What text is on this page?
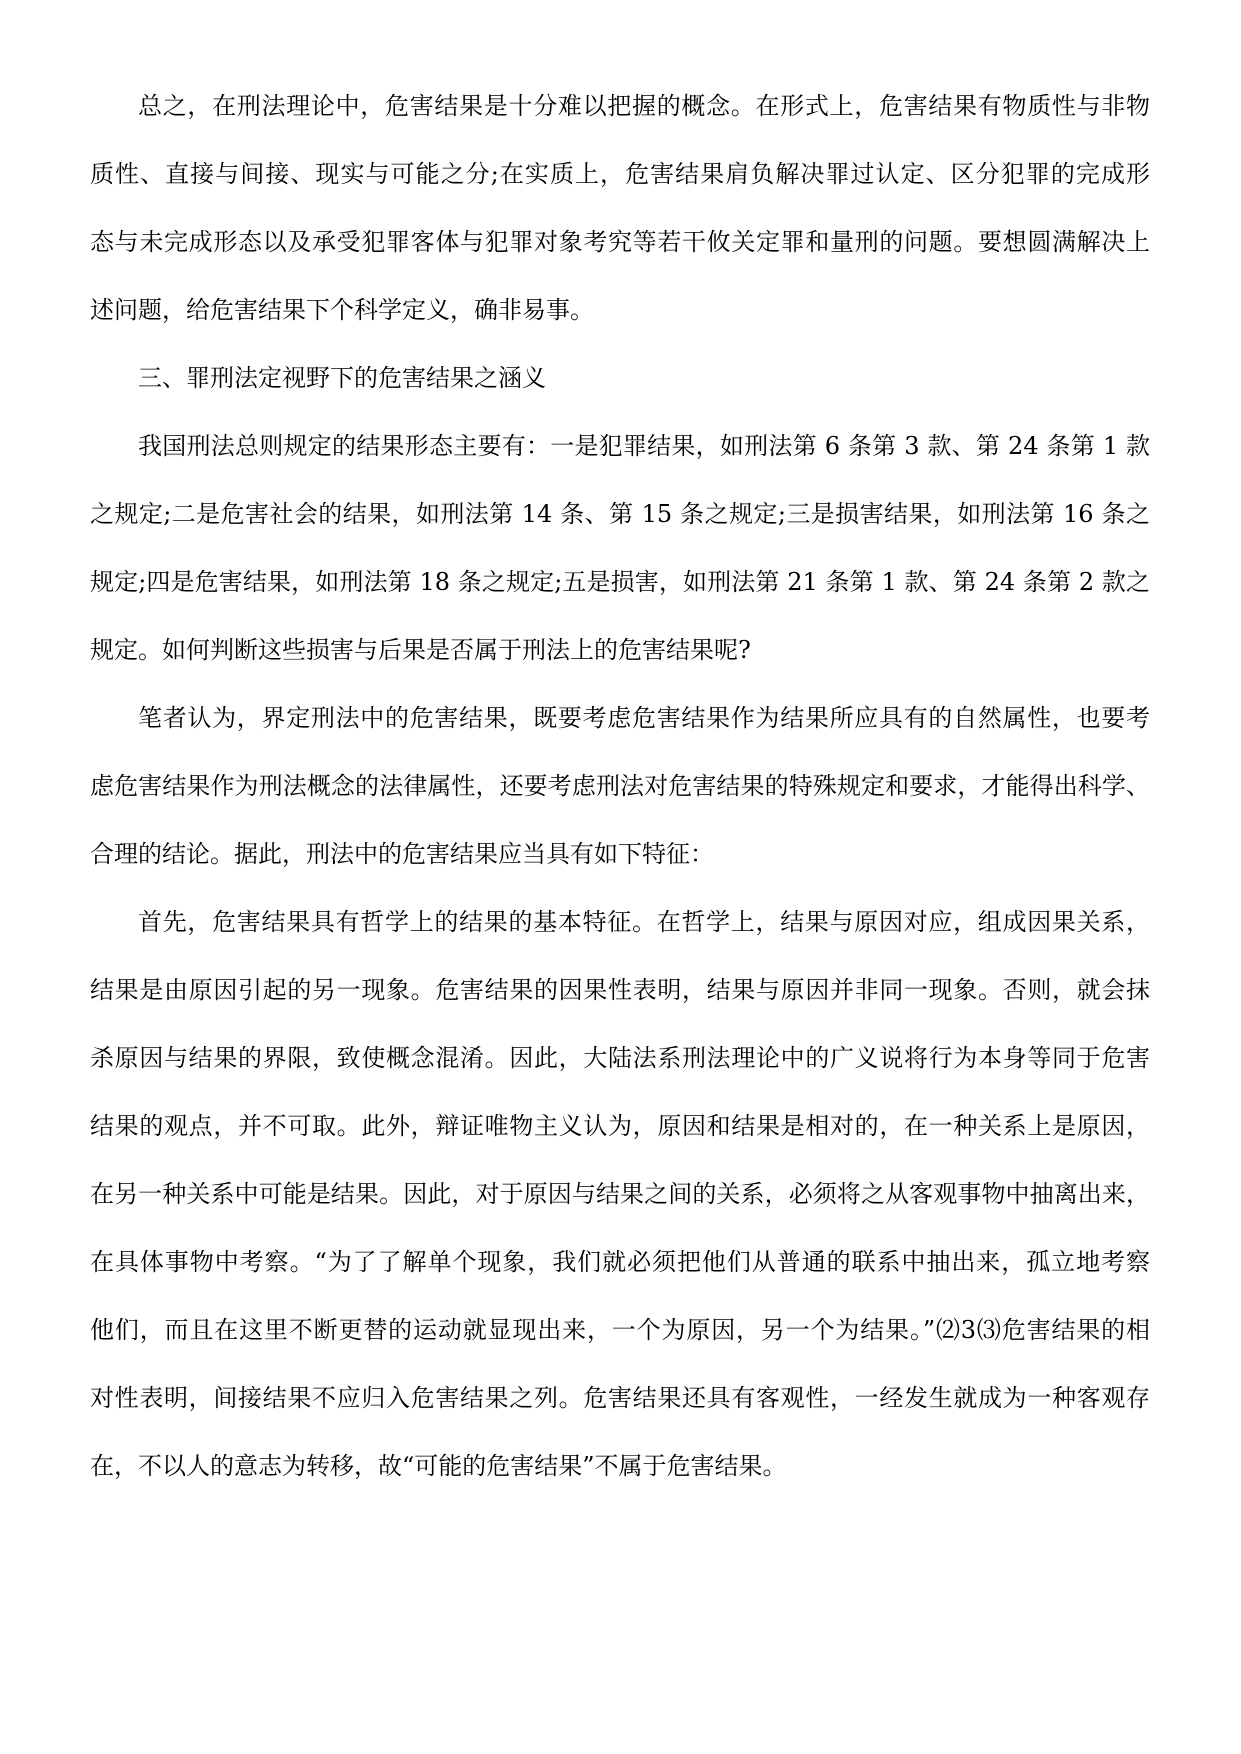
总之，在刑法理论中，危害结果是十分难以把握的概念。在形式上，危害结果有物质性与非物
质性、直接与间接、现实与可能之分;在实质上，危害结果肩负解决罪过认定、区分犯罪的完成形
态与未完成形态以及承受犯罪客体与犯罪对象考究等若干攸关定罪和量刑的问题。要想圆满解决上
述问题，给危害结果下个科学定义，确非易事。
三、罪刑法定视野下的危害结果之涵义
我国刑法总则规定的结果形态主要有：一是犯罪结果，如刑法第 6 条第 3 款、第 24 条第 1 款
之规定;二是危害社会的结果，如刑法第 14 条、第 15 条之规定;三是损害结果，如刑法第 16 条之
规定;四是危害结果，如刑法第 18 条之规定;五是损害，如刑法第 21 条第 1 款、第 24 条第 2 款之
规定。如何判断这些损害与后果是否属于刑法上的危害结果呢?
笔者认为，界定刑法中的危害结果，既要考虑危害结果作为结果所应具有的自然属性，也要考
虑危害结果作为刑法概念的法律属性，还要考虑刑法对危害结果的特殊规定和要求，才能得出科学、
合理的结论。据此，刑法中的危害结果应当具有如下特征：
首先，危害结果具有哲学上的结果的基本特征。在哲学上，结果与原因对应，组成因果关系，
结果是由原因引起的另一现象。危害结果的因果性表明，结果与原因并非同一现象。否则，就会抹
杀原因与结果的界限，致使概念混淆。因此，大陆法系刑法理论中的广义说将行为本身等同于危害
结果的观点，并不可取。此外，辩证唯物主义认为，原因和结果是相对的，在一种关系上是原因，
在另一种关系中可能是结果。因此，对于原因与结果之间的关系，必须将之从客观事物中抽离出来，
在具体事物中考察。“为了了解单个现象，我们就必须把他们从普通的联系中抽出来，孤立地考察
他们，而且在这里不断更替的运动就显现出来，一个为原因，另一个为结果。”⑵3⑶危害结果的相
对性表明，间接结果不应归入危害结果之列。危害结果还具有客观性，一经发生就成为一种客观存
在，不以人的意志为转移，故“可能的危害结果”不属于危害结果。
